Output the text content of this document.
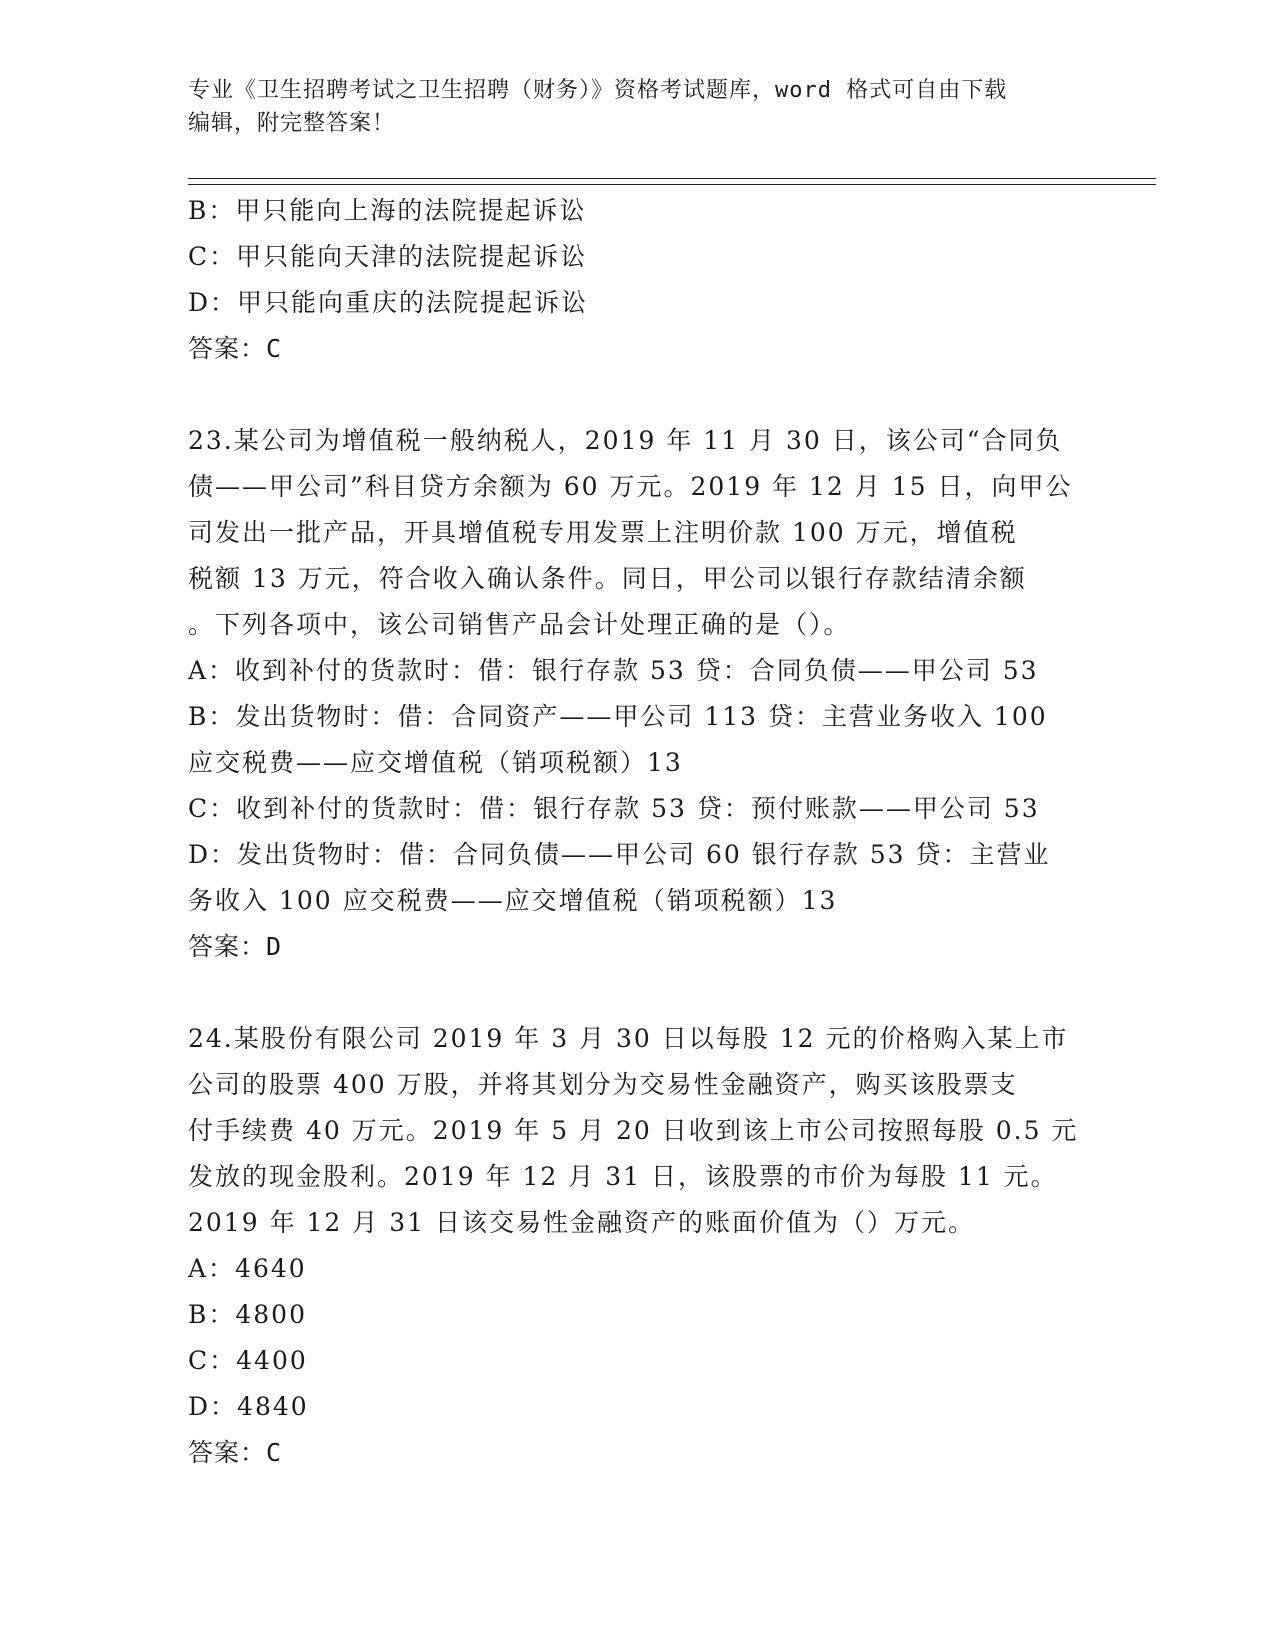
专业《卫生招聘考试之卫生招聘（财务）》资格考试题库，word 格式可自由下载
编辑，附完整答案！
B：甲只能向上海的法院提起诉讼
C：甲只能向天津的法院提起诉讼
D：甲只能向重庆的法院提起诉讼
答案：C
23.某公司为增值税一般纳税人，2019 年 11 月 30 日，该公司“合同负
债——甲公司”科目贷方余额为 60 万元。2019 年 12 月 15 日，向甲公
司发出一批产品，开具增值税专用发票上注明价款 100 万元，增值税
税额 13 万元，符合收入确认条件。同日，甲公司以银行存款结清余额
。下列各项中，该公司销售产品会计处理正确的是（）。
A：收到补付的货款时：借：银行存款 53 贷：合同负债——甲公司 53
B：发出货物时：借：合同资产——甲公司 113 贷：主营业务收入 100
应交税费——应交增值税（销项税额）13
C：收到补付的货款时：借：银行存款 53 贷：预付账款——甲公司 53
D：发出货物时：借：合同负债——甲公司 60 银行存款 53 贷：主营业
务收入 100 应交税费——应交增值税（销项税额）13
答案：D
24.某股份有限公司 2019 年 3 月 30 日以每股 12 元的价格购入某上市
公司的股票 400 万股，并将其划分为交易性金融资产，购买该股票支
付手续费 40 万元。2019 年 5 月 20 日收到该上市公司按照每股 0.5 元
发放的现金股利。2019 年 12 月 31 日，该股票的市价为每股 11 元。
2019 年 12 月 31 日该交易性金融资产的账面价值为（）万元。
A：4640
B：4800
C：4400
D：4840
答案：C
